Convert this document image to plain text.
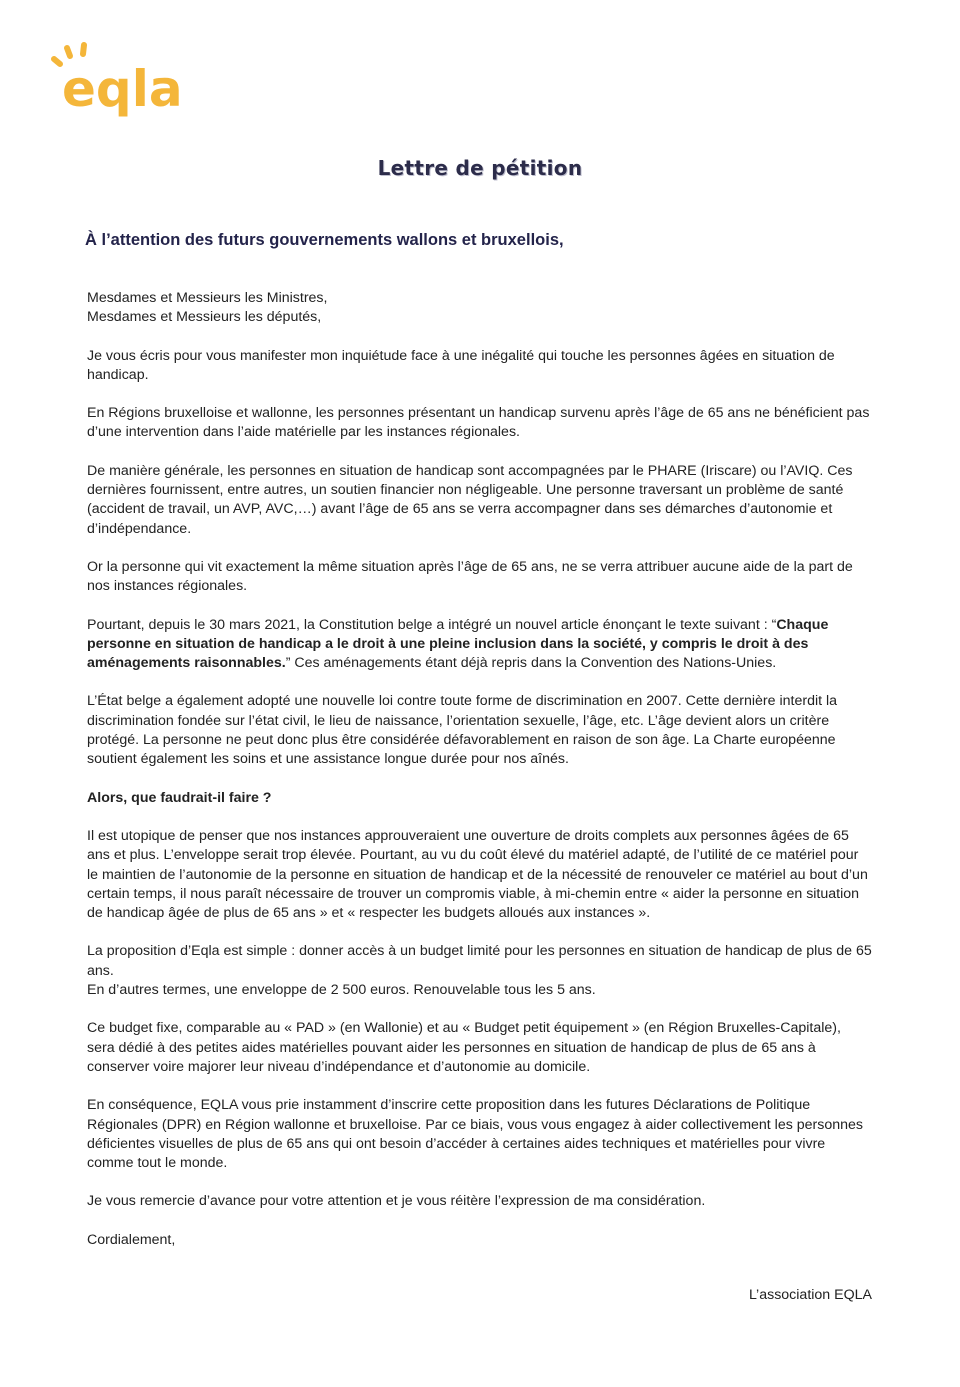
eqla
Lettre de pétition
À l’attention des futurs gouvernements wallons et bruxellois,

Mesdames et Messieurs les Ministres,

Mesdames et Messieurs les députés,

Je vous écris pour vous manifester mon inquiétude face à une inégalité qui touche les personnes âgées en situation de handicap.

En Régions bruxelloise et wallonne, les personnes présentant un handicap survenu après l’âge de 65 ans ne bénéficient pas d’une intervention dans l’aide matérielle par les instances régionales.

De manière générale, les personnes en situation de handicap sont accompagnées par le PHARE (Iriscare) ou l’AVIQ. Ces dernières fournissent, entre autres, un soutien financier non négligeable. Une personne traversant un problème de santé (accident de travail, un AVP, AVC,…) avant l’âge de 65 ans se verra accompagner dans ses démarches d’autonomie et d’indépendance.

Or la personne qui vit exactement la même situation après l’âge de 65 ans, ne se verra attribuer aucune aide de la part de nos instances régionales.

Pourtant, depuis le 30 mars 2021, la Constitution belge a intégré un nouvel article énonçant le texte suivant : “Chaque personne en situation de handicap a le droit à une pleine inclusion dans la société, y compris le droit à des aménagements raisonnables.” Ces aménagements étant déjà repris dans la Convention des Nations-Unies.

L’État belge a également adopté une nouvelle loi contre toute forme de discrimination en 2007. Cette dernière interdit la discrimination fondée sur l’état civil, le lieu de naissance, l’orientation sexuelle, l’âge, etc. L’âge devient alors un critère protégé. La personne ne peut donc plus être considérée défavorablement en raison de son âge. La Charte européenne soutient également les soins et une assistance longue durée pour nos aînés.

Alors, que faudrait-il faire ?

Il est utopique de penser que nos instances approuveraient une ouverture de droits complets aux personnes âgées de 65 ans et plus. L’enveloppe serait trop élevée. Pourtant, au vu du coût élevé du matériel adapté, de l’utilité de ce matériel pour le maintien de l’autonomie de la personne en situation de handicap et de la nécessité de renouveler ce matériel au bout d’un certain temps, il nous paraît nécessaire de trouver un compromis viable, à mi-chemin entre « aider la personne en situation de handicap âgée de plus de 65 ans » et « respecter les budgets alloués aux instances ».

La proposition d’Eqla est simple : donner accès à un budget limité pour les personnes en situation de handicap de plus de 65 ans.

En d’autres termes, une enveloppe de 2 500 euros. Renouvelable tous les 5 ans.

Ce budget fixe, comparable au « PAD » (en Wallonie) et au « Budget petit équipement » (en Région Bruxelles-Capitale), sera dédié à des petites aides matérielles pouvant aider les personnes en situation de handicap de plus de 65 ans à conserver voire majorer leur niveau d’indépendance et d’autonomie au domicile.

En conséquence, EQLA vous prie instamment d’inscrire cette proposition dans les futures Déclarations de Politique Régionales (DPR) en Région wallonne et bruxelloise. Par ce biais, vous vous engagez à aider collectivement les personnes déficientes visuelles de plus de 65 ans qui ont besoin d’accéder à certaines aides techniques et matérielles pour vivre comme tout le monde.

Je vous remercie d’avance pour votre attention et je vous réitère l’expression de ma considération.

Cordialement,

L’association EQLA
